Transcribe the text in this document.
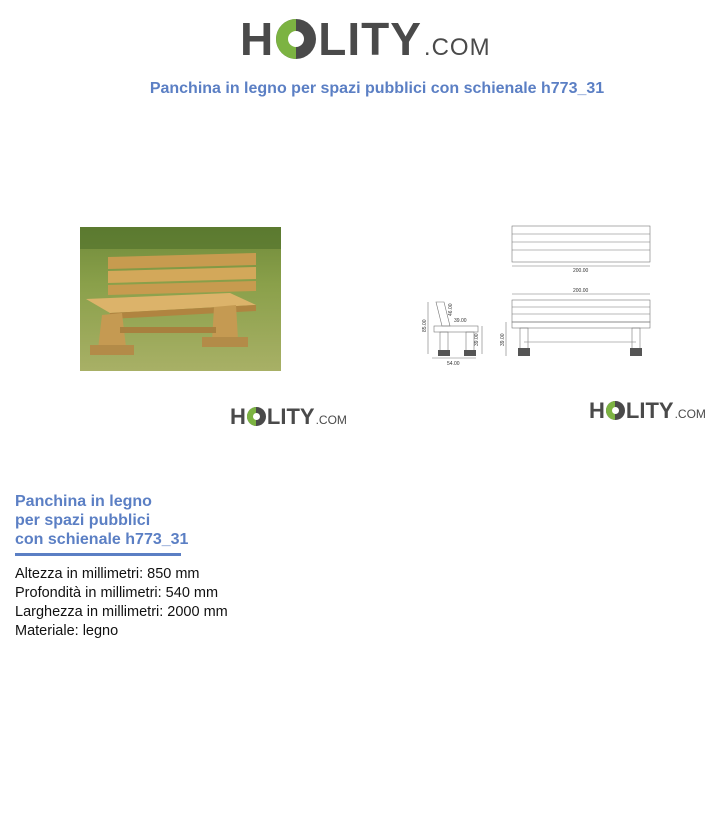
H LITY .COM
Panchina in legno per spazi pubblici con schienale h773_31
200.00
200.00
54.00
39.00
85.00
46.00
39.00	39.00
H LITY .COM	H LITY .COM
Panchina in legno
per spazi pubblici
con schienale h773_31
Altezza in millimetri: 850 mm
Profondità in millimetri: 540 mm
Larghezza in millimetri: 2000 mm
Materiale: legno
